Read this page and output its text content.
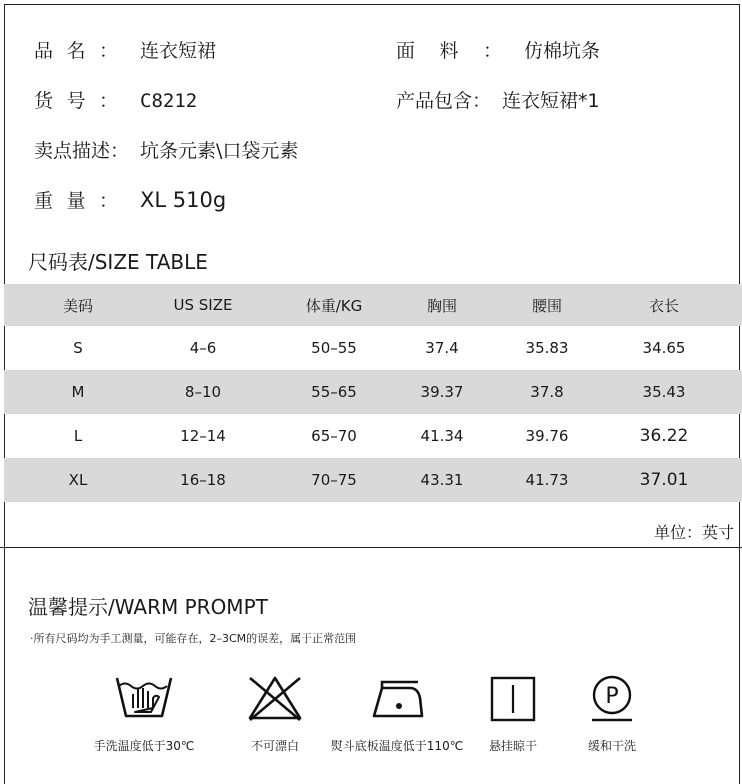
品名： 连衣短裙	面料： 仿棉坑条
货号： C8212	产品包含： 连衣短裙*1
卖点描述： 坑条元素\口袋元素
重量： XL 510g
尺码表/SIZE TABLE
美码	US SIZE	体重/KG	胸围	腰围	衣长
S	4–6	50–55	37.4	35.83	34.65
M	8–10	55–65	39.37	37.8	35.43
L	12–14	65–70	41.34	39.76	36.22
XL	16–18	70–75	43.31	41.73	37.01
单位：英寸
温馨提示/WARM PROMPT
·所有尺码均为手工测量，可能存在，2–3CM的误差，属于正常范围
手洗温度低于30℃	不可漂白	熨斗底板温度低于110℃	悬挂晾干
P
缓和干洗
